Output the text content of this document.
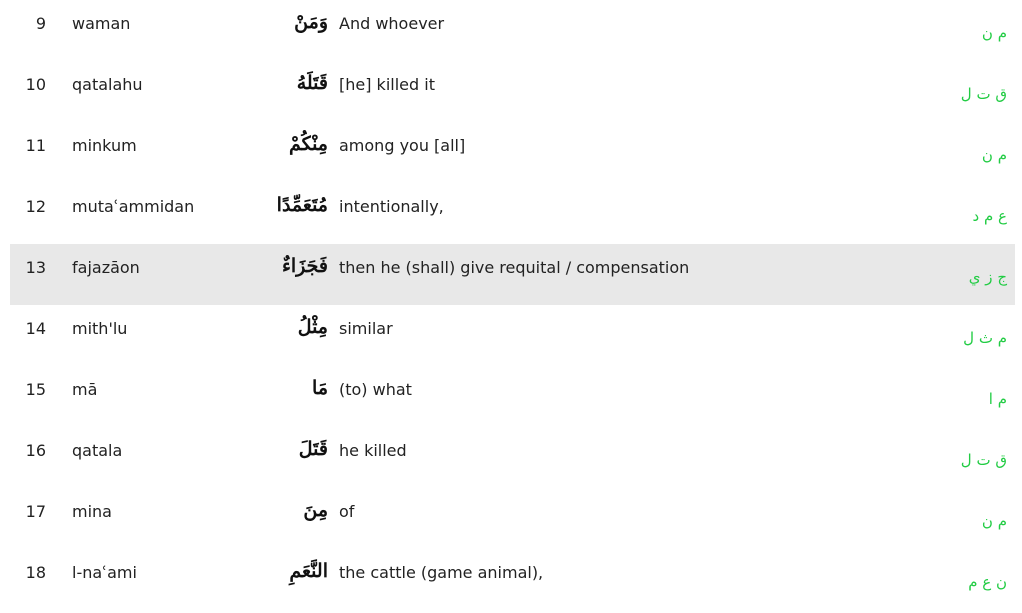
9 waman	وَمَنْ And whoever	م ن
10 qatalahu	قَتَلَهُ [he] killed it	ق ت ل
11 minkum	مِنْكُمْ among you [all]	م ن
12 mutaʿammidan	مُتَعَمِّدًا intentionally,	ع م د
13 fajazāon	فَجَزَاءٌ then he (shall) give requital / compensation	ج ز ي
14 mith'lu	مِثْلُ similar	م ث ل
15 mā	مَا (to) what	م ا
16 qatala	قَتَلَ he killed	ق ت ل
17 mina	مِنَ of	م ن
18 l-naʿami	النَّعَمِ the cattle (game animal),	ن ع م
